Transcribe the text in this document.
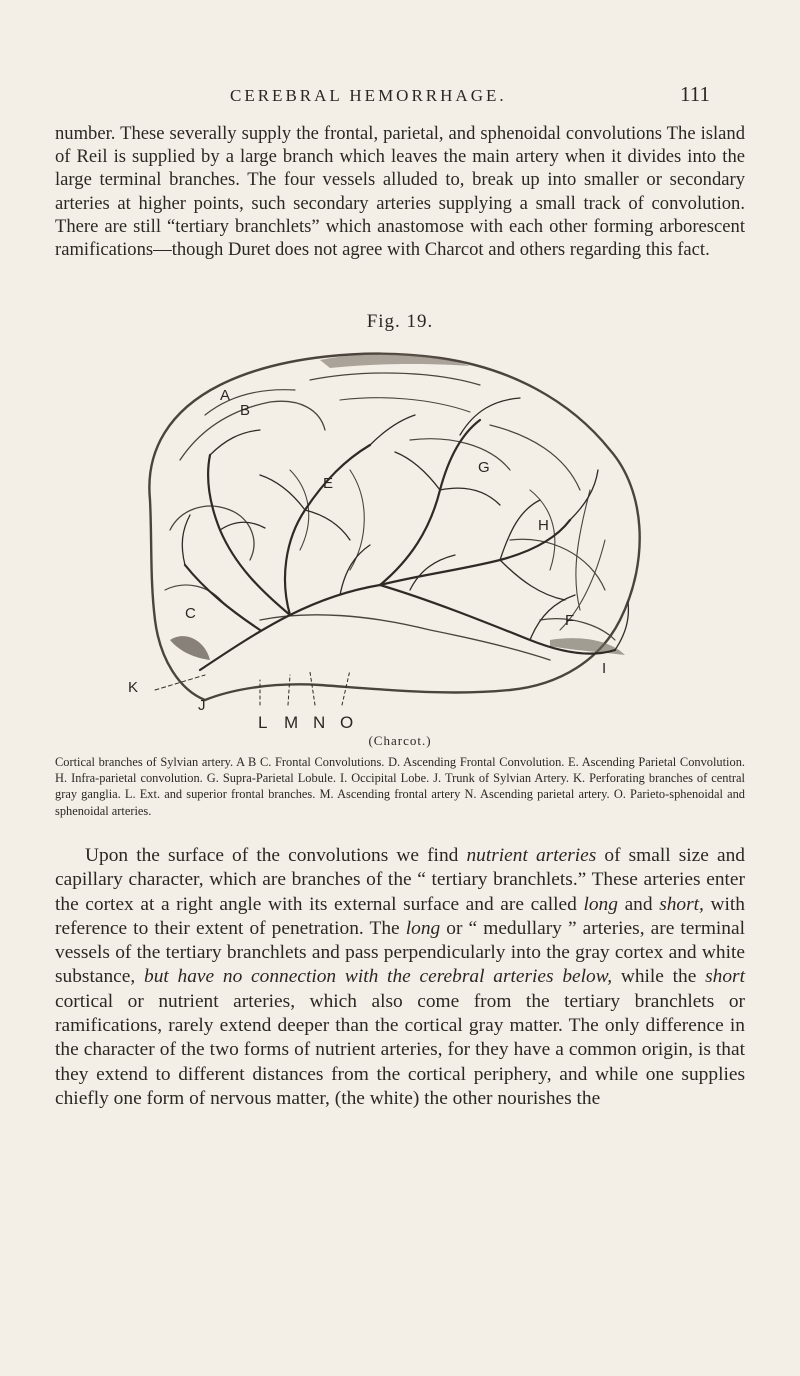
CEREBRAL HEMORRHAGE.	111

number. These severally supply the frontal, parietal, and sphenoidal convolutions The island of Reil is supplied by a large branch which leaves the main artery when it divides into the large terminal branches. The four vessels alluded to, break up into smaller or secondary arteries at higher points, such secondary arteries supplying a small track of convolution. There are still “tertiary branchlets” which anastomose with each other forming arborescent ramifications—though Duret does not agree with Charcot and others regarding this fact.

Fig. 19.
A
B
C
E
F
G
H
I
J
K
L M N O
(Charcot.)

Cortical branches of Sylvian artery. A B C. Frontal Convolutions. D. Ascending Frontal Convolution. E. Ascending Parietal Convolution. H. Infra-parietal convolution. G. Supra-Parietal Lobule. I. Occipital Lobe. J. Trunk of Sylvian Artery. K. Perforating branches of central gray ganglia. L. Ext. and superior frontal branches. M. Ascending frontal artery N. Ascending parietal artery. O. Parieto-sphenoidal and sphenoidal arteries.

Upon the surface of the convolutions we find nutrient arteries of small size and capillary character, which are branches of the “ tertiary branchlets.” These arteries enter the cortex at a right angle with its external surface and are called long and short, with reference to their extent of penetration. The long or “ medullary ” arteries, are terminal vessels of the tertiary branchlets and pass perpendicularly into the gray cortex and white substance, but have no connection with the cerebral arteries below, while the short cortical or nutrient arteries, which also come from the tertiary branchlets or ramifications, rarely extend deeper than the cortical gray matter. The only difference in the character of the two forms of nutrient arteries, for they have a common origin, is that they extend to different distances from the cortical periphery, and while one supplies chiefly one form of nervous matter, (the white) the other nourishes the
